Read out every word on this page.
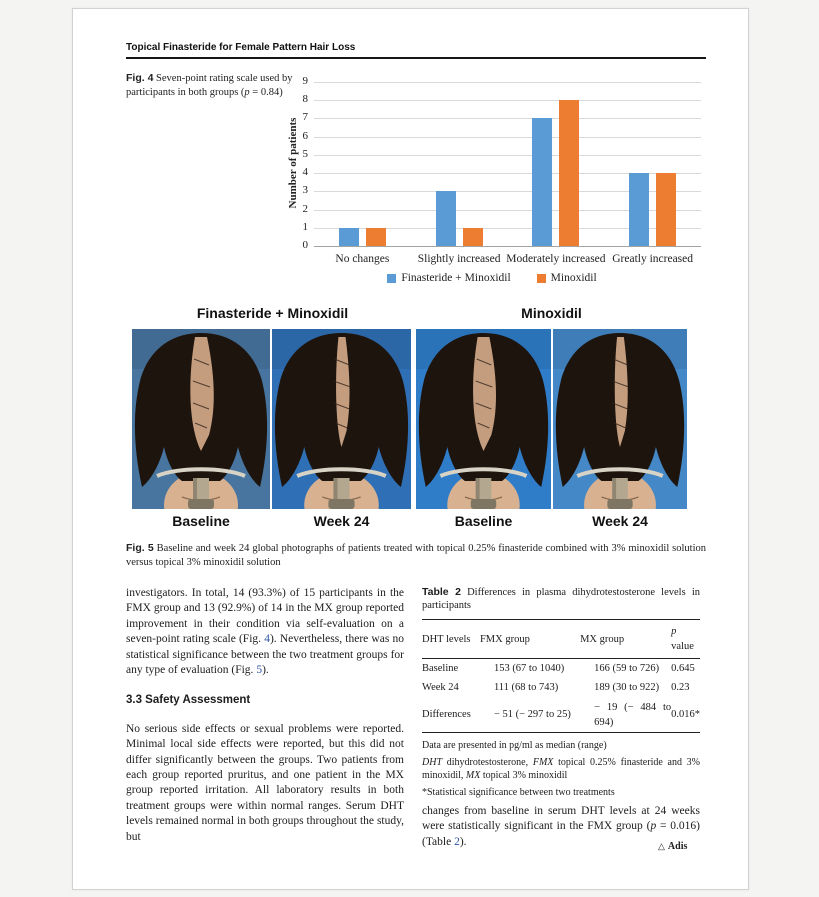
Topical Finasteride for Female Pattern Hair Loss
Fig. 4 Seven-point rating scale used by participants in both groups (p = 0.84)
Number of patients
0
1
2
3
4
5
6
7
8
9
No changes Slightly increased Moderately increased Greatly increased
Finasteride + Minoxidil	Minoxidil
Finasteride + Minoxidil	Minoxidil
Baseline	Week 24	Baseline	Week 24
Fig. 5 Baseline and week 24 global photographs of patients treated with topical 0.25% finasteride combined with 3% minoxidil solution versus topical 3% minoxidil solution

investigators. In total, 14 (93.3%) of 15 participants in the FMX group and 13 (92.9%) of 14 in the MX group reported improvement in their condition via self-evaluation on a seven-point rating scale (Fig. 4). Nevertheless, there was no statistical significance between the two treatment groups for any type of evaluation (Fig. 5).

3.3 Safety Assessment

No serious side effects or sexual problems were reported. Minimal local side effects were reported, but this did not differ significantly between the groups. Two patients from each group reported pruritus, and one patient in the MX group reported irritation. All laboratory results in both treatment groups were within normal ranges. Serum DHT levels remained normal in both groups throughout the study, but

Table 2 Differences in plasma dihydrotestosterone levels in participants
DHT levels	FMX group	MX group	p value
Baseline	153 (67 to 1040)	166 (59 to 726)	0.645
Week 24	111 (68 to 743)	189 (30 to 922)	0.23
Differences	− 51 (− 297 to 25)	− 19 (− 484 to 694)	0.016*
Data are presented in pg/ml as median (range)
DHT dihydrotestosterone, FMX topical 0.25% finasteride and 3% minoxidil, MX topical 3% minoxidil
*Statistical significance between two treatments

changes from baseline in serum DHT levels at 24 weeks were statistically significant in the FMX group (p = 0.016) (Table 2).	△ Adis
